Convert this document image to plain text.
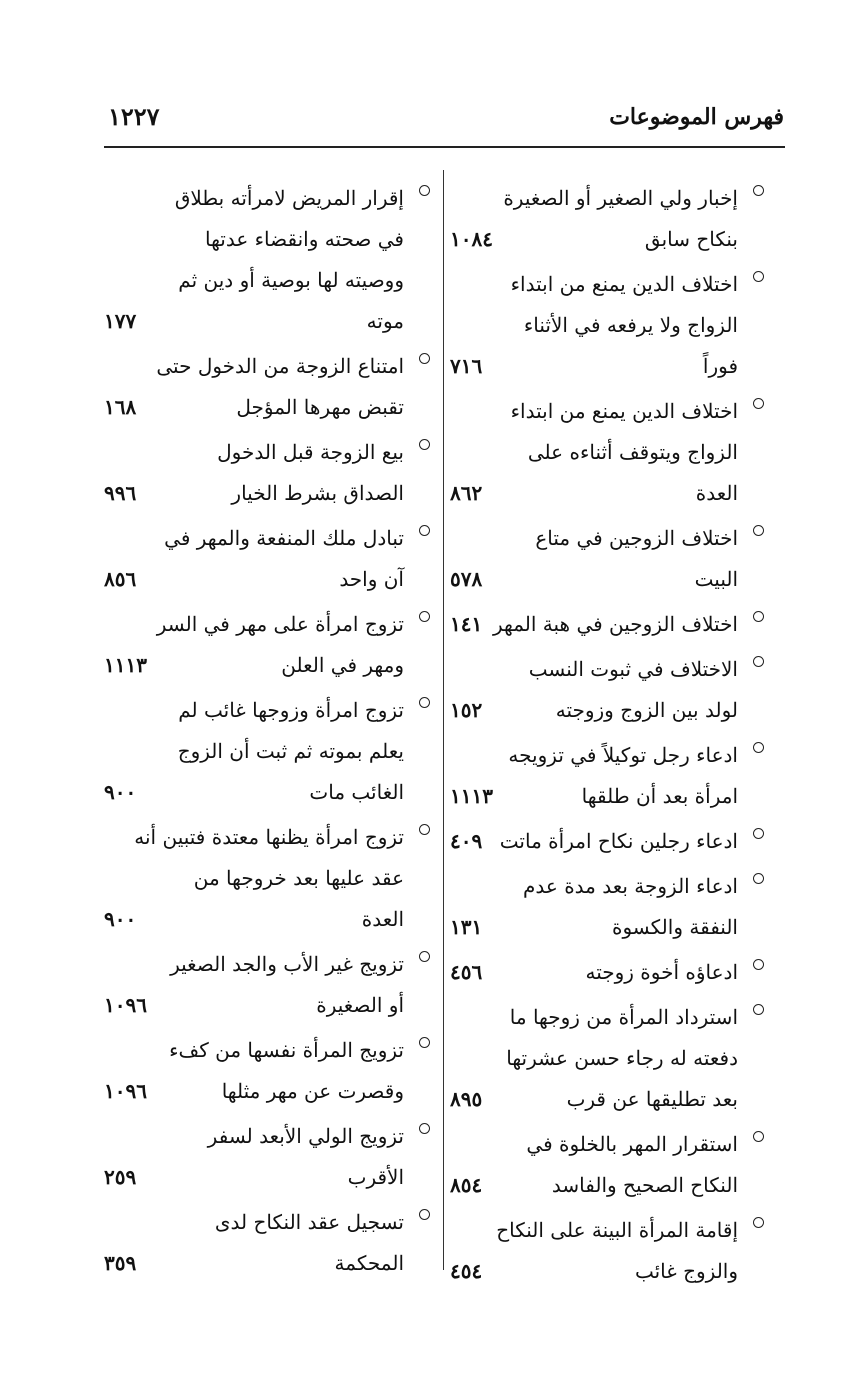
فهرس الموضوعات
١٢٢٧
إخبار ولي الصغير أو الصغيرة
بنكاح سابق
١٠٨٤
اختلاف الدين يمنع من ابتداء
الزواج ولا يرفعه في الأثناء
فوراً
٧١٦
اختلاف الدين يمنع من ابتداء
الزواج ويتوقف أثناءه على
العدة
٨٦٢
اختلاف الزوجين في متاع
البيت
٥٧٨
اختلاف الزوجين في هبة المهر
١٤١
الاختلاف في ثبوت النسب
لولد بين الزوج وزوجته
١٥٢
ادعاء رجل توكيلاً في تزويجه
امرأة بعد أن طلقها
١١١٣
ادعاء رجلين نكاح امرأة ماتت
٤٠٩
ادعاء الزوجة بعد مدة عدم
النفقة والكسوة
١٣١
ادعاؤه أخوة زوجته
٤٥٦
استرداد المرأة من زوجها ما
دفعته له رجاء حسن عشرتها
بعد تطليقها عن قرب
٨٩٥
استقرار المهر بالخلوة في
النكاح الصحيح والفاسد
٨٥٤
إقامة المرأة البينة على النكاح
والزوج غائب
٤٥٤
إقرار المريض لامرأته بطلاق
في صحته وانقضاء عدتها
ووصيته لها بوصية أو دين ثم
موته
١٧٧
امتناع الزوجة من الدخول حتى
تقبض مهرها المؤجل
١٦٨
بيع الزوجة قبل الدخول
الصداق بشرط الخيار
٩٩٦
تبادل ملك المنفعة والمهر في
آن واحد
٨٥٦
تزوج امرأة على مهر في السر
ومهر في العلن
١١١٣
تزوج امرأة وزوجها غائب لم
يعلم بموته ثم ثبت أن الزوج
الغائب مات
٩٠٠
تزوج امرأة يظنها معتدة فتبين أنه
عقد عليها بعد خروجها من
العدة
٩٠٠
تزويج غير الأب والجد الصغير
أو الصغيرة
١٠٩٦
تزويج المرأة نفسها من كفء
وقصرت عن مهر مثلها
١٠٩٦
تزويج الولي الأبعد لسفر
الأقرب
٢٥٩
تسجيل عقد النكاح لدى
المحكمة
٣٥٩
